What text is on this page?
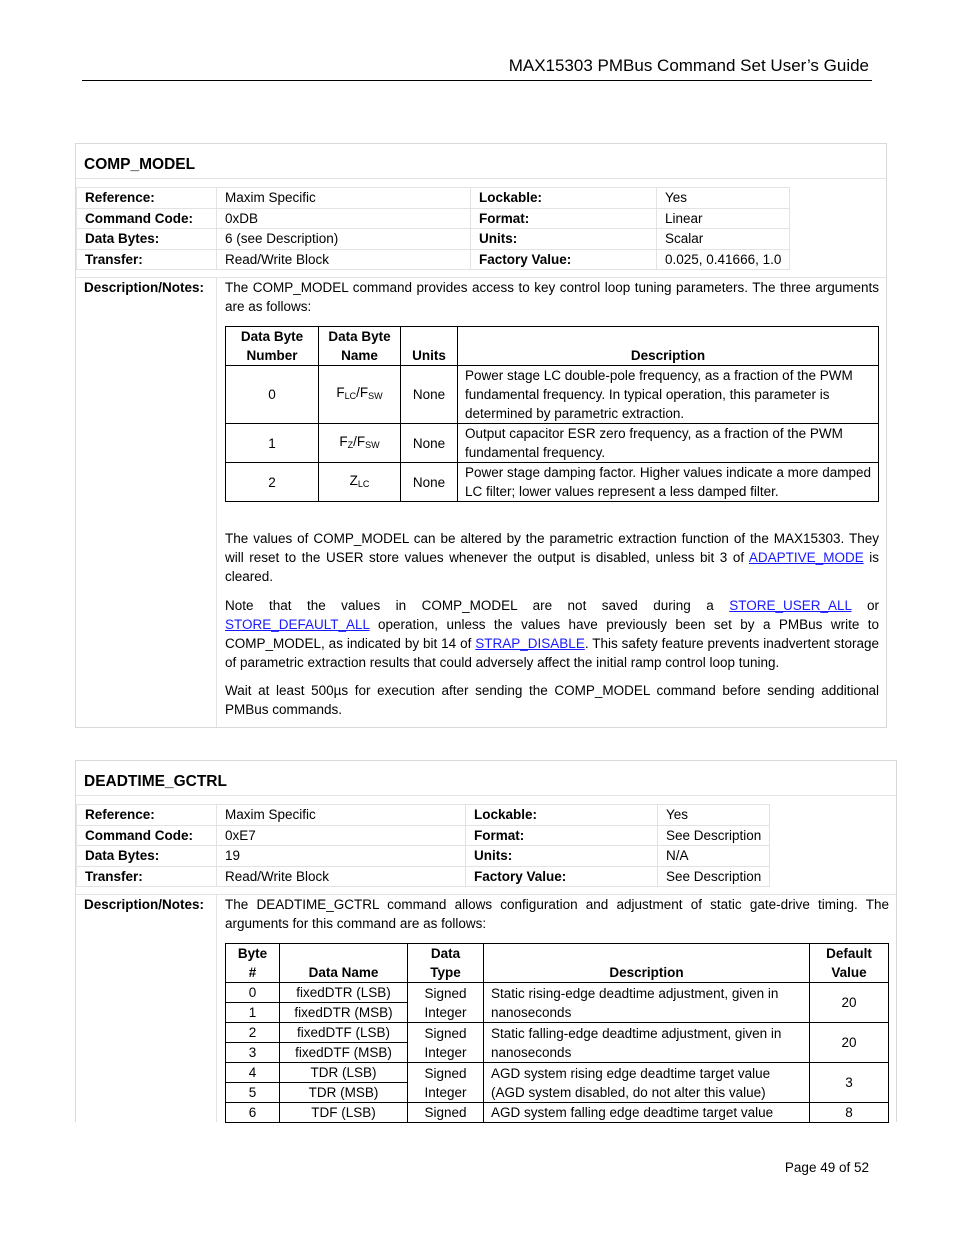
MAX15303 PMBus Command Set User’s Guide
COMP_MODEL
Reference:	Maxim Specific	Lockable:	Yes
Command Code:	0xDB	Format:	Linear
Data Bytes:	6 (see Description)	Units:	Scalar
Transfer:	Read/Write Block	Factory Value:	0.025, 0.41666, 1.0
Description/Notes: The COMP_MODEL command provides access to key control loop tuning parameters. The three arguments are as follows:

Data Byte Number	Data Byte Name	Units	Description
0	$F_{LC}/F_{SW}$	None	Power stage LC double-pole frequency, as a fraction of the PWM fundamental frequency. In typical operation, this parameter is determined by parametric extraction.
1	$F_Z/F_{SW}$	None	Output capacitor ESR zero frequency, as a fraction of the PWM fundamental frequency.
2	$Z_{LC}$	None	Power stage damping factor. Higher values indicate a more damped LC filter; lower values represent a less damped filter.

The values of COMP_MODEL can be altered by the parametric extraction function of the MAX15303. They will reset to the USER store values whenever the output is disabled, unless bit 3 of ADAPTIVE_MODE is cleared.

Note that the values in COMP_MODEL are not saved during a STORE_USER_ALL or STORE_DEFAULT_ALL operation, unless the values have previously been set by a PMBus write to COMP_MODEL, as indicated by bit 14 of STRAP_DISABLE. This safety feature prevents inadvertent storage of parametric extraction results that could adversely affect the initial ramp control loop tuning.

Wait at least 500µs for execution after sending the COMP_MODEL command before sending additional PMBus commands.

DEADTIME_GCTRL
Reference:	Maxim Specific	Lockable:	Yes
Command Code:	0xE7	Format:	See Description
Data Bytes:	19	Units:	N/A
Transfer:	Read/Write Block	Factory Value:	See Description
Description/Notes: The DEADTIME_GCTRL command allows configuration and adjustment of static gate-drive timing. The arguments for this command are as follows:

Byte #	Data Name	Data Type	Description	Default Value
0	fixedDTR (LSB)	Signed Integer	Static rising-edge deadtime adjustment, given in nanoseconds	20
1	fixedDTR (MSB)			
2	fixedDTF (LSB)	Signed Integer	Static falling-edge deadtime adjustment, given in nanoseconds	20
3	fixedDTF (MSB)			
4	TDR (LSB)	Signed Integer	AGD system rising edge deadtime target value (AGD system disabled, do not alter this value)	3
5	TDR (MSB)			
6	TDF (LSB)	Signed	AGD system falling edge deadtime target value	8
Page 49 of 52
